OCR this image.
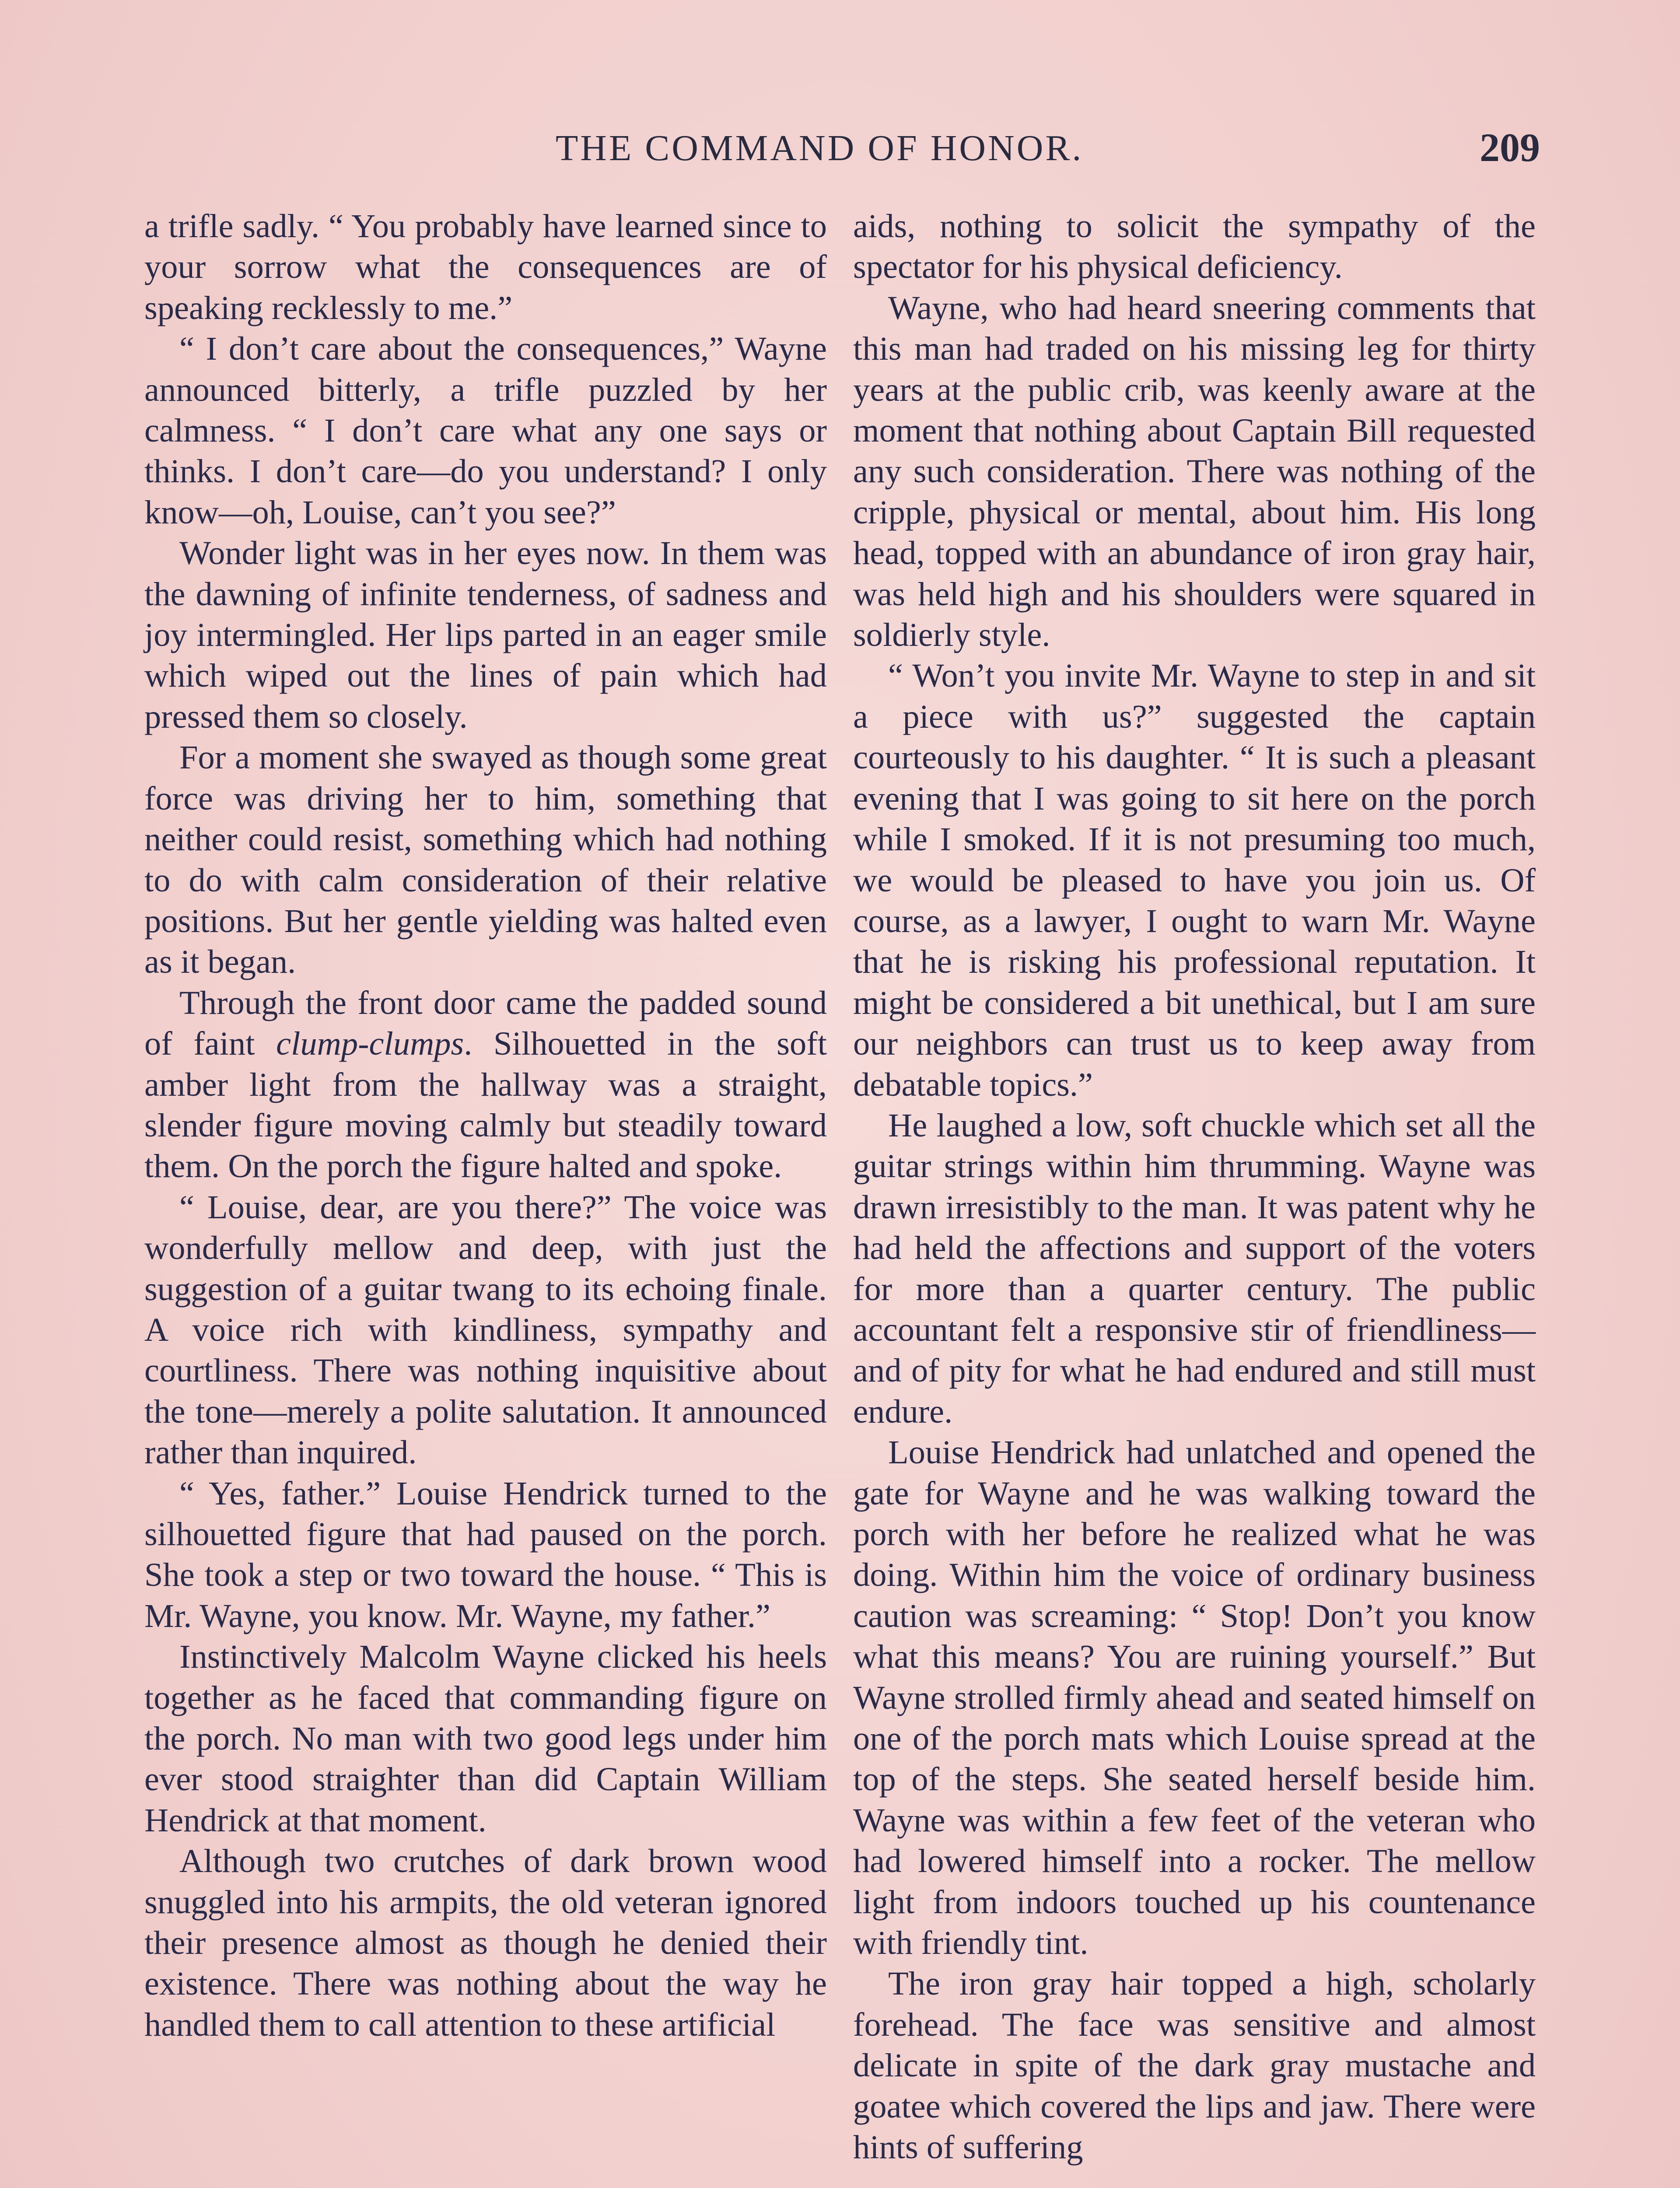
THE COMMAND OF HONOR.	209

a trifle sadly. “ You probably have learned since to your sorrow what the consequences are of speaking recklessly to me.”

“ I don’t care about the consequences,” Wayne announced bitterly, a trifle puzzled by her calmness. “ I don’t care what any one says or thinks. I don’t care—do you understand? I only know—oh, Louise, can’t you see?”

Wonder light was in her eyes now. In them was the dawning of infinite tenderness, of sadness and joy intermingled. Her lips parted in an eager smile which wiped out the lines of pain which had pressed them so closely.

For a moment she swayed as though some great force was driving her to him, something that neither could resist, something which had nothing to do with calm consideration of their relative positions. But her gentle yielding was halted even as it began.

Through the front door came the padded sound of faint clump-clumps. Silhouetted in the soft amber light from the hallway was a straight, slender figure moving calmly but steadily toward them. On the porch the figure halted and spoke.

“ Louise, dear, are you there?” The voice was wonderfully mellow and deep, with just the suggestion of a guitar twang to its echoing finale. A voice rich with kindliness, sympathy and courtliness. There was nothing inquisitive about the tone—merely a polite salutation. It announced rather than inquired.

“ Yes, father.” Louise Hendrick turned to the silhouetted figure that had paused on the porch. She took a step or two toward the house. “ This is Mr. Wayne, you know. Mr. Wayne, my father.”

Instinctively Malcolm Wayne clicked his heels together as he faced that commanding figure on the porch. No man with two good legs under him ever stood straighter than did Captain William Hendrick at that moment.

Although two crutches of dark brown wood snuggled into his armpits, the old veteran ignored their presence almost as though he denied their existence. There was nothing about the way he handled them to call attention to these artificial

aids, nothing to solicit the sympathy of the spectator for his physical deficiency.

Wayne, who had heard sneering comments that this man had traded on his missing leg for thirty years at the public crib, was keenly aware at the moment that nothing about Captain Bill requested any such consideration. There was nothing of the cripple, physical or mental, about him. His long head, topped with an abundance of iron gray hair, was held high and his shoulders were squared in soldierly style.

“ Won’t you invite Mr. Wayne to step in and sit a piece with us?” suggested the captain courteously to his daughter. “ It is such a pleasant evening that I was going to sit here on the porch while I smoked. If it is not presuming too much, we would be pleased to have you join us. Of course, as a lawyer, I ought to warn Mr. Wayne that he is risking his professional reputation. It might be considered a bit unethical, but I am sure our neighbors can trust us to keep away from debatable topics.”

He laughed a low, soft chuckle which set all the guitar strings within him thrumming. Wayne was drawn irresistibly to the man. It was patent why he had held the affections and support of the voters for more than a quarter century. The public accountant felt a responsive stir of friendliness—and of pity for what he had endured and still must endure.

Louise Hendrick had unlatched and opened the gate for Wayne and he was walking toward the porch with her before he realized what he was doing. Within him the voice of ordinary business caution was screaming: “ Stop! Don’t you know what this means? You are ruining yourself.” But Wayne strolled firmly ahead and seated himself on one of the porch mats which Louise spread at the top of the steps. She seated herself beside him. Wayne was within a few feet of the veteran who had lowered himself into a rocker. The mellow light from indoors touched up his countenance with friendly tint.

The iron gray hair topped a high, scholarly forehead. The face was sensitive and almost delicate in spite of the dark gray mustache and goatee which covered the lips and jaw. There were hints of suffering
